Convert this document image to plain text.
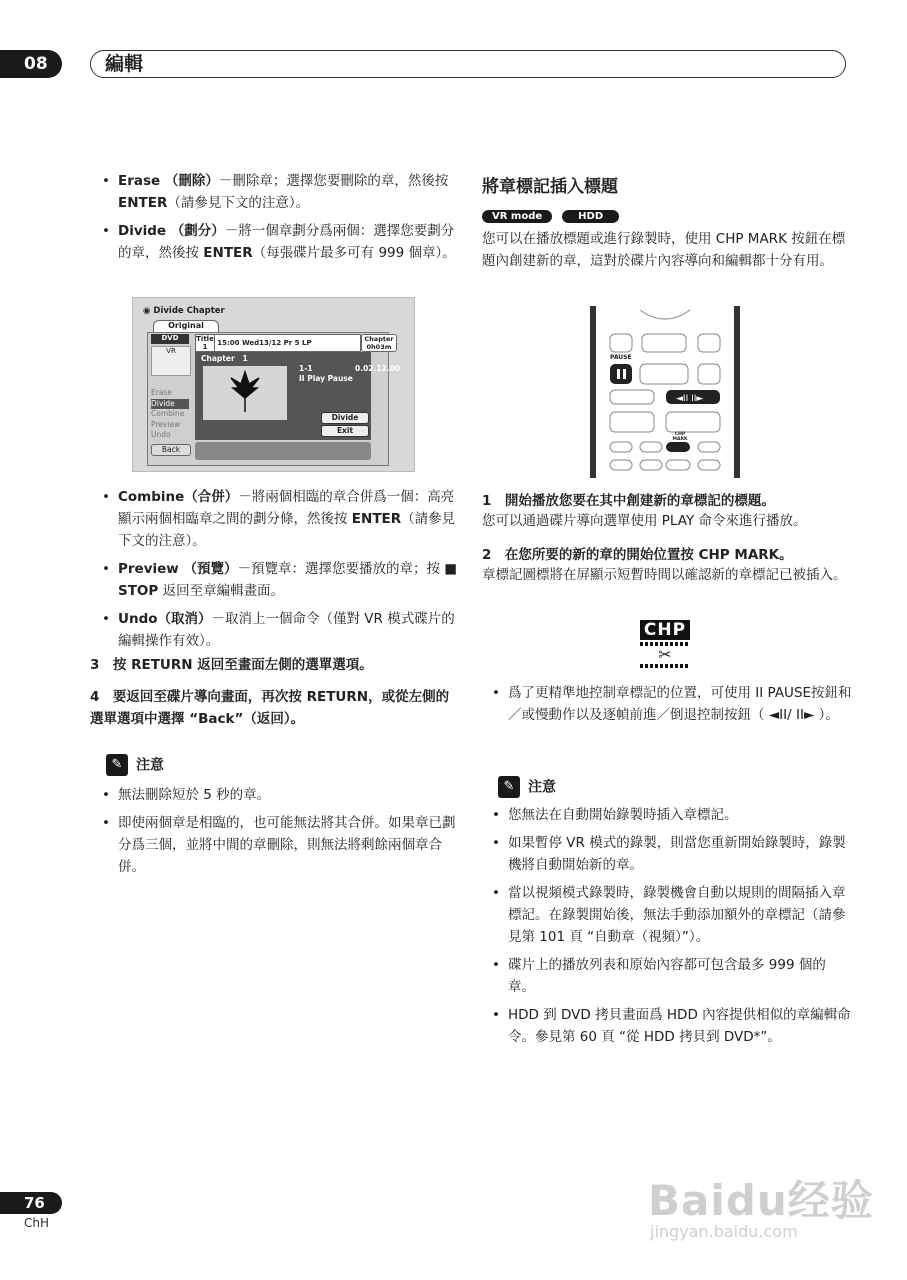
08	編輯
• Erase （刪除）－刪除章；選擇您要刪除的章，然後按 ENTER（請參見下文的注意）。
• Divide （劃分）－將一個章劃分爲兩個：選擇您要劃分的章，然後按 ENTER（每張碟片最多可有 999 個章）。
◉ Divide Chapter
Original
DVD
VR
Erase
Divide
Combine
Preview
Undo
Back
Title
1 15:00 Wed13/12 Pr 5 LP	Chapter
0h03m
Chapter 1
1-1
II Play Pause
0.02.12.00
Divide
Exit
• Combine（合併）－將兩個相臨的章合併爲一個：高亮顯示兩個相臨章之間的劃分條，然後按 ENTER（請參見下文的注意）。
• Preview （預覽）－預覽章：選擇您要播放的章；按 ■ STOP 返回至章編輯畫面。
• Undo（取消）－取消上一個命令（僅對 VR 模式碟片的編輯操作有效）。
3　按 RETURN 返回至畫面左側的選單選項。
4　要返回至碟片導向畫面，再次按 RETURN，或從左側的選單選項中選擇 “Back”（返回）。
✎ 注意
• 無法刪除短於 5 秒的章。
• 即使兩個章是相臨的，也可能無法將其合併。如果章已劃分爲三個，並將中間的章刪除，則無法將剩餘兩個章合併。
將章標記插入標題
VR mode	HDD
您可以在播放標題或進行錄製時，使用 CHP MARK 按鈕在標題內創建新的章，這對於碟片內容導向和編輯都十分有用。
◄II II►
PAUSE
CHP MARK
1　開始播放您要在其中創建新的章標記的標題。
您可以通過碟片導向選單使用 PLAY 命令來進行播放。
2　在您所要的新的章的開始位置按 CHP MARK。
章標記圖標將在屏顯示短暫時間以確認新的章標記已被插入。
CHP
✂
• 爲了更精準地控制章標記的位置，可使用 II PAUSE按鈕和／或慢動作以及逐幀前進／倒退控制按鈕（ ◄II/ II► ）。
✎ 注意
• 您無法在自動開始錄製時插入章標記。
• 如果暫停 VR 模式的錄製，則當您重新開始錄製時，錄製機將自動開始新的章。
• 當以視頻模式錄製時，錄製機會自動以規則的間隔插入章標記。在錄製開始後，無法手動添加額外的章標記（請參見第 101 頁 “自動章（視頻）”）。
• 碟片上的播放列表和原始內容都可包含最多 999 個的章。
• HDD 到 DVD 拷貝畫面爲 HDD 內容提供相似的章編輯命令。參見第 60 頁 “從 HDD 拷貝到 DVD*”。
76
ChH	Baidu经验
jingyan.baidu.com
